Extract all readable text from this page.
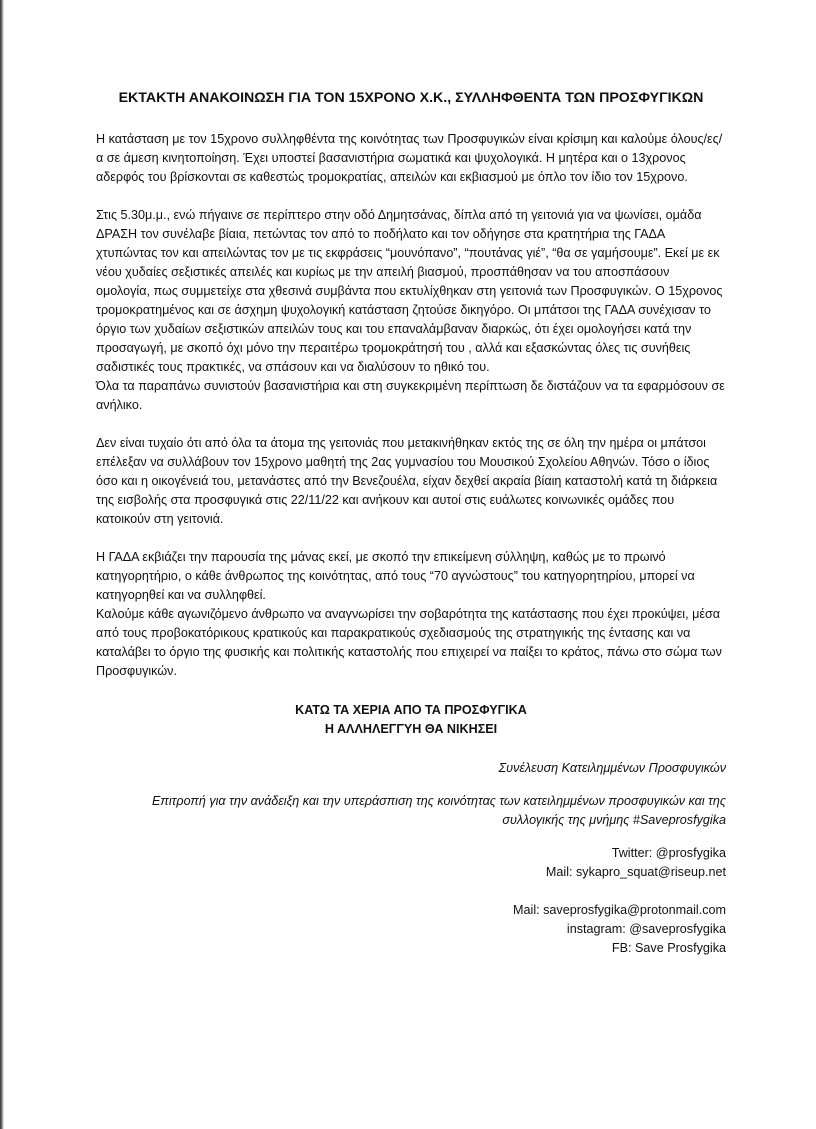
ΕΚΤΑΚΤΗ ΑΝΑΚΟΙΝΩΣΗ ΓΙΑ ΤΟΝ 15ΧΡΟΝΟ Χ.Κ., ΣΥΛΛΗΦΘΕΝΤΑ ΤΩΝ ΠΡΟΣΦΥΓΙΚΩΝ

Η κατάσταση με τον 15χρονο συλληφθέντα της κοινότητας των Προσφυγικών είναι κρίσιμη και καλούμε όλους/ες/α σε άμεση κινητοποίηση. Έχει υποστεί βασανιστήρια σωματικά και ψυχολογικά. Η μητέρα και ο 13χρονος αδερφός του βρίσκονται σε καθεστώς τρομοκρατίας, απειλών και εκβιασμού με όπλο τον ίδιο τον 15χρονο.

Στις 5.30μ.μ., ενώ πήγαινε σε περίπτερο στην οδό Δημητσάνας, δίπλα από τη γειτονιά για να ψωνίσει, ομάδα ΔΡΑΣΗ τον συνέλαβε βίαια, πετώντας τον από το ποδήλατο και τον οδήγησε στα κρατητήρια της ΓΑΔΑ χτυπώντας τον και απειλώντας τον με τις εκφράσεις “μουνόπανο”, “πουτάνας γιέ”, “θα σε γαμήσουμε”. Εκεί με εκ νέου χυδαίες σεξιστικές απειλές και κυρίως με την απειλή βιασμού, προσπάθησαν να του αποσπάσουν ομολογία, πως συμμετείχε στα χθεσινά συμβάντα που εκτυλίχθηκαν στη γειτονιά των Προσφυγικών. Ο 15χρονος τρομοκρατημένος και σε άσχημη ψυχολογική κατάσταση ζητούσε δικηγόρο. Οι μπάτσοι της ΓΑΔΑ συνέχισαν το όργιο των χυδαίων σεξιστικών απειλών τους και του επαναλάμβαναν διαρκώς, ότι έχει ομολογήσει κατά την προσαγωγή, με σκοπό όχι μόνο την περαιτέρω τρομοκράτησή του , αλλά και εξασκώντας όλες τις συνήθεις σαδιστικές τους πρακτικές, να σπάσουν και να διαλύσουν το ηθικό του.
Όλα τα παραπάνω συνιστούν βασανιστήρια και στη συγκεκριμένη περίπτωση δε διστάζουν να τα εφαρμόσουν σε ανήλικο.

Δεν είναι τυχαίο ότι από όλα τα άτομα της γειτονιάς που μετακινήθηκαν εκτός της σε όλη την ημέρα οι μπάτσοι επέλεξαν να συλλάβουν τον 15χρονο μαθητή της 2ας γυμνασίου του Μουσικού Σχολείου Αθηνών. Τόσο ο ίδιος όσο και η οικογένειά του, μετανάστες από την Βενεζουέλα, είχαν δεχθεί ακραία βίαιη καταστολή κατά τη διάρκεια της εισβολής στα προσφυγικά στις 22/11/22 και ανήκουν και αυτοί στις ευάλωτες κοινωνικές ομάδες που κατοικούν στη γειτονιά.

Η ΓΑΔΑ εκβιάζει την παρουσία της μάνας εκεί, με σκοπό την επικείμενη σύλληψη, καθώς με το πρωινό κατηγορητήριο, ο κάθε άνθρωπος της κοινότητας, από τους “70 αγνώστους” του κατηγορητηρίου, μπορεί να κατηγορηθεί και να συλληφθεί.
Καλούμε κάθε αγωνιζόμενο άνθρωπο να αναγνωρίσει την σοβαρότητα της κατάστασης που έχει προκύψει, μέσα από τους προβοκατόρικους κρατικούς και παρακρατικούς σχεδιασμούς της στρατηγικής της έντασης και να καταλάβει το όργιο της φυσικής και πολιτικής καταστολής που επιχειρεί να παίξει το κράτος, πάνω στο σώμα των Προσφυγικών.

ΚΑΤΩ ΤΑ ΧΕΡΙΑ ΑΠΟ ΤΑ ΠΡΟΣΦΥΓΙΚΑ
Η ΑΛΛΗΛΕΓΓΥΗ ΘΑ ΝΙΚΗΣΕΙ

Συνέλευση Κατειλημμένων Προσφυγικών

Επιτροπή για την ανάδειξη και την υπεράσπιση της κοινότητας των κατειλημμένων προσφυγικών και της συλλογικής της μνήμης #Saveprosfygika

Twitter: @prosfygika
Mail: sykapro_squat@riseup.net
Mail: saveprosfygika@protonmail.com
instagram: @saveprosfygika
FB: Save Prosfygika
